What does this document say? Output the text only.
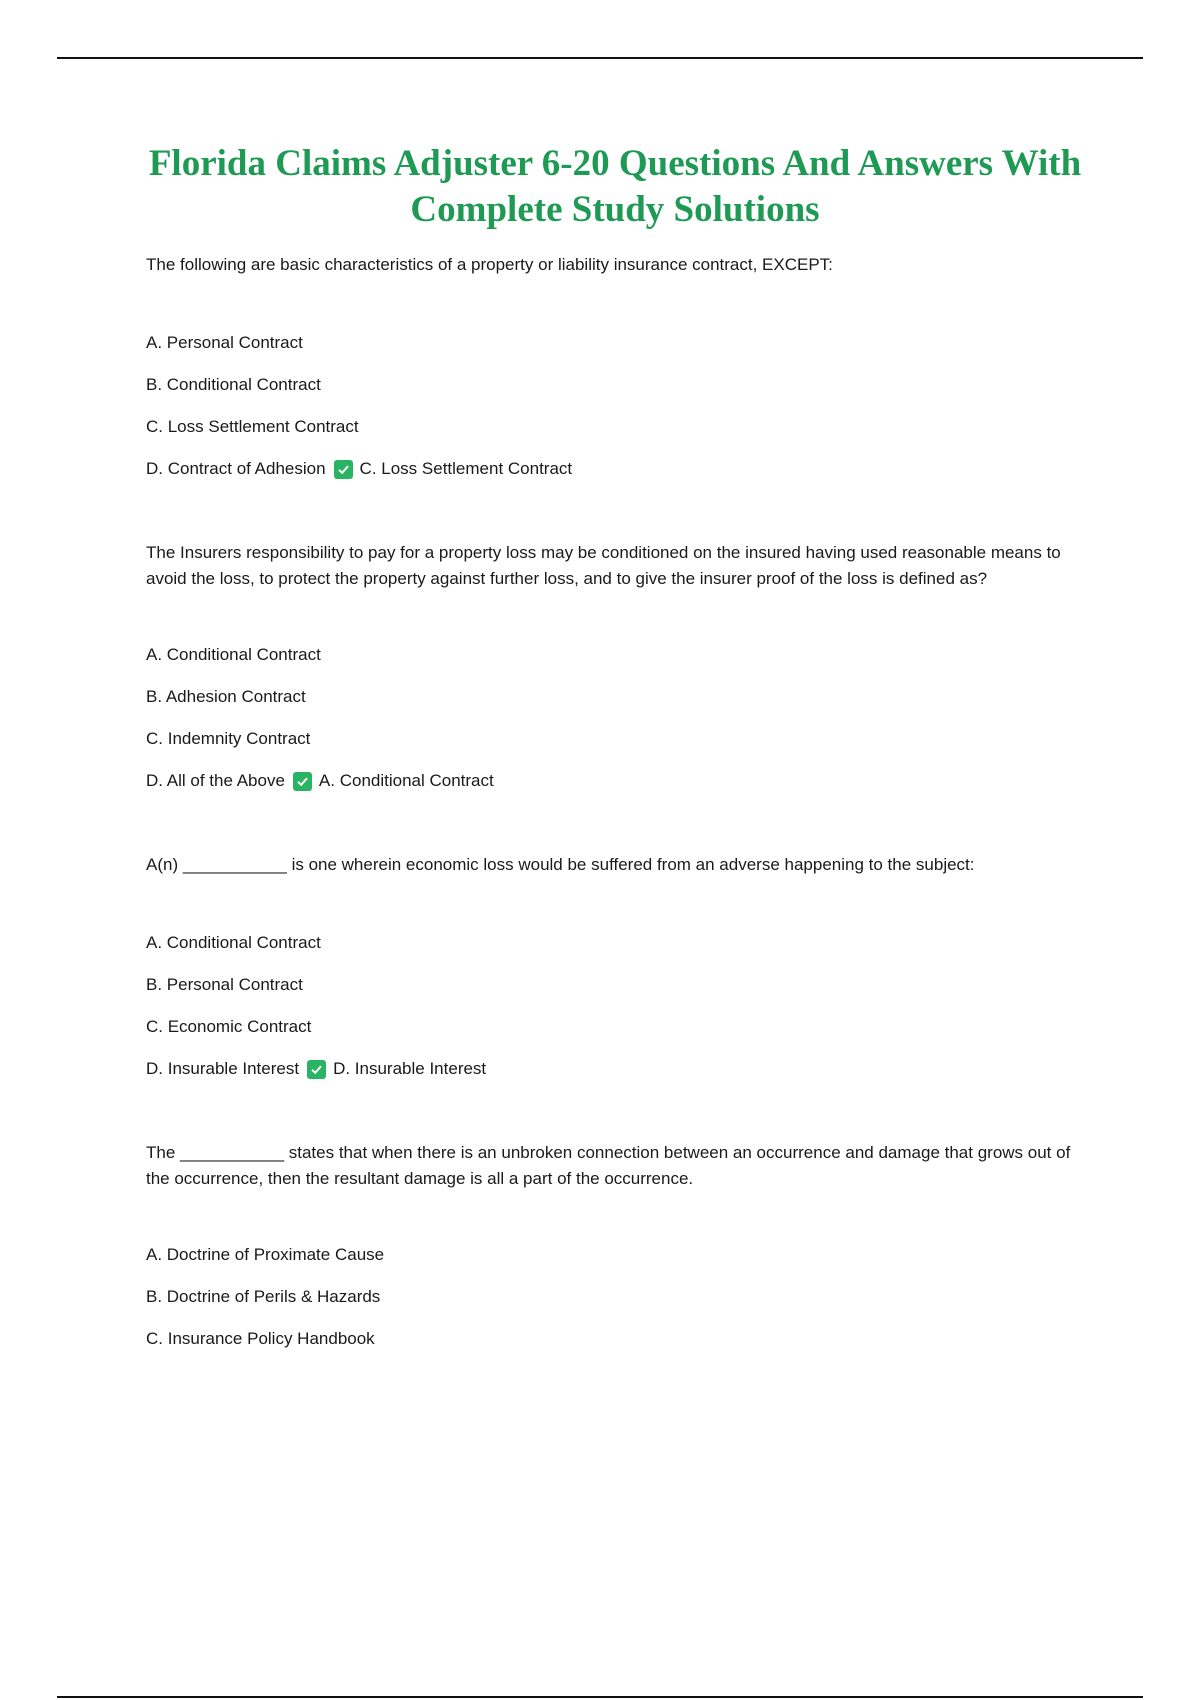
Florida Claims Adjuster 6-20 Questions And Answers With Complete Study Solutions
The following are basic characteristics of a property or liability insurance contract, EXCEPT:
A. Personal Contract
B. Conditional Contract
C. Loss Settlement Contract
D. Contract of Adhesion C. Loss Settlement Contract
The Insurers responsibility to pay for a property loss may be conditioned on the insured having used reasonable means to avoid the loss, to protect the property against further loss, and to give the insurer proof of the loss is defined as?
A. Conditional Contract
B. Adhesion Contract
C. Indemnity Contract
D. All of the Above A. Conditional Contract
A(n) ___________ is one wherein economic loss would be suffered from an adverse happening to the subject:
A. Conditional Contract
B. Personal Contract
C. Economic Contract
D. Insurable Interest D. Insurable Interest
The ___________ states that when there is an unbroken connection between an occurrence and damage that grows out of the occurrence, then the resultant damage is all a part of the occurrence.
A. Doctrine of Proximate Cause
B. Doctrine of Perils & Hazards
C. Insurance Policy Handbook
